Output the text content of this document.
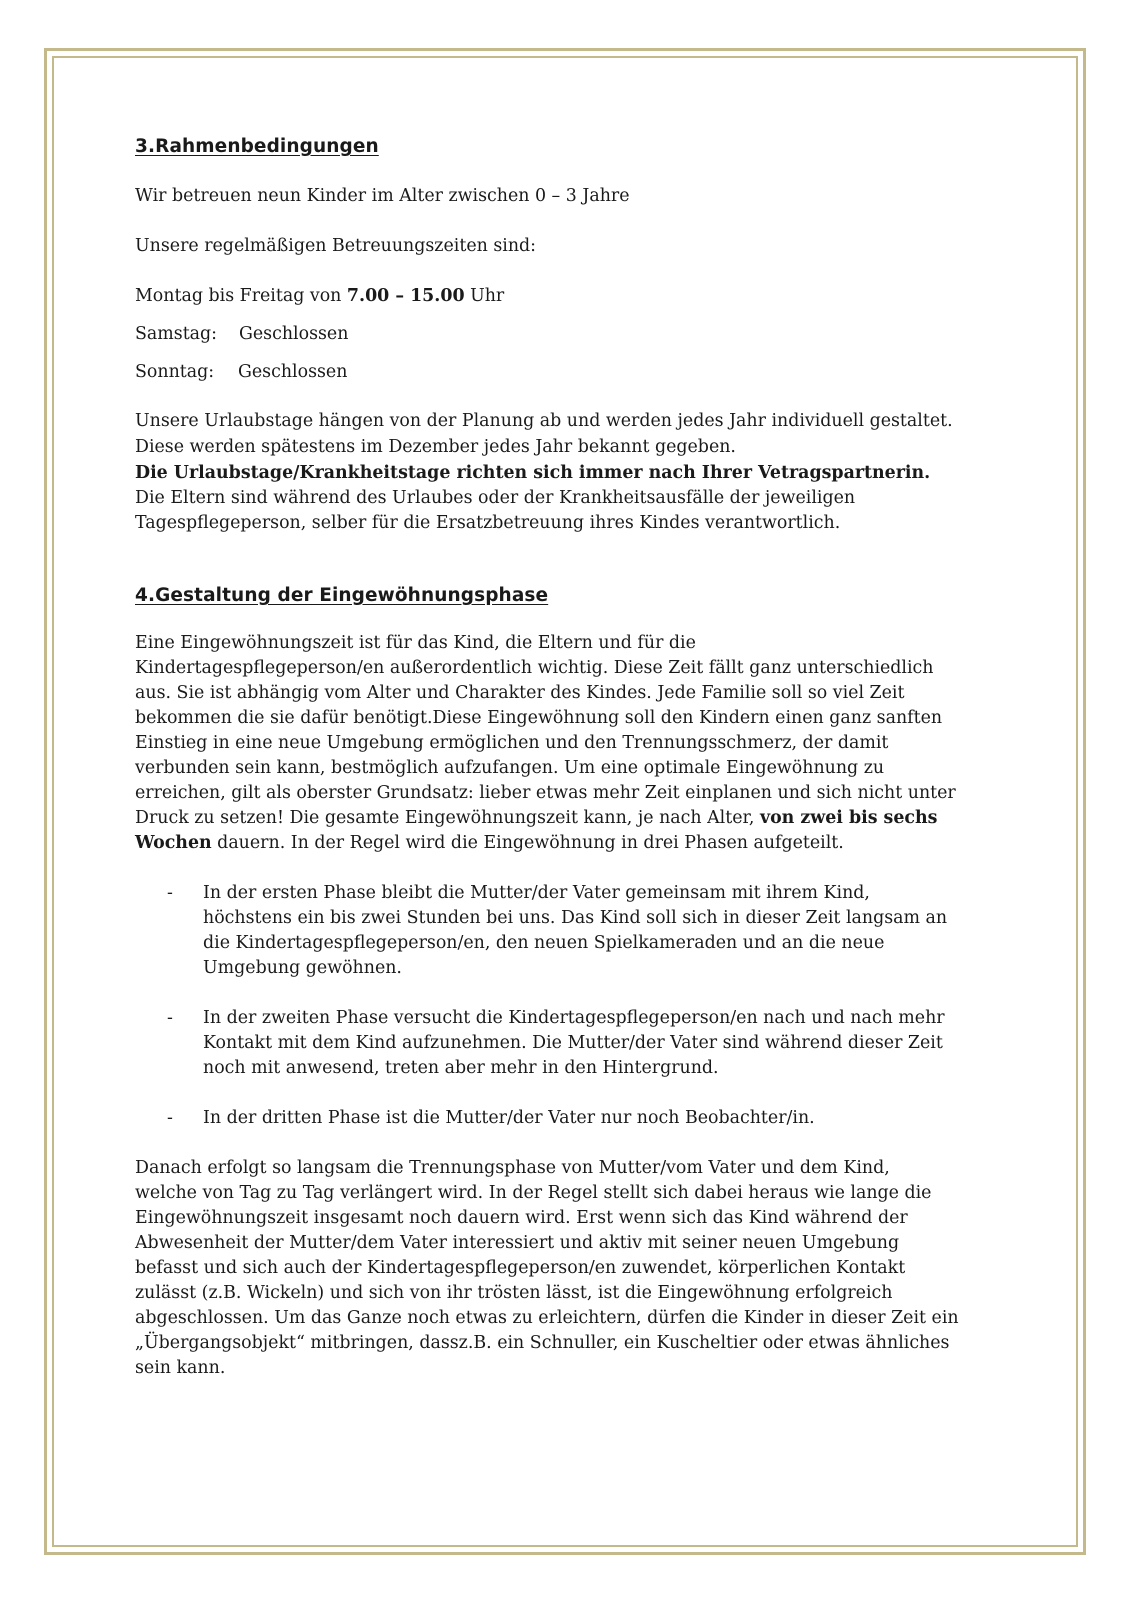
3.Rahmenbedingungen

Wir betreuen neun Kinder im Alter zwischen 0 – 3 Jahre

Unsere regelmäßigen Betreuungszeiten sind:

Montag bis Freitag von 7.00 – 15.00 Uhr

Samstag:	Geschlossen
Sonntag:	Geschlossen

Unsere Urlaubstage hängen von der Planung ab und werden jedes Jahr individuell gestaltet.

Diese werden spätestens im Dezember jedes Jahr bekannt gegeben.

Die Urlaubstage/Krankheitstage richten sich immer nach Ihrer Vetragspartnerin.

Die Eltern sind während des Urlaubes oder der Krankheitsausfälle der jeweiligen

Tagespflegeperson, selber für die Ersatzbetreuung ihres Kindes verantwortlich.

4.Gestaltung der Eingewöhnungsphase

Eine Eingewöhnungszeit ist für das Kind, die Eltern und für die

Kindertagespflegeperson/en außerordentlich wichtig. Diese Zeit fällt ganz unterschiedlich

aus. Sie ist abhängig vom Alter und Charakter des Kindes. Jede Familie soll so viel Zeit

bekommen die sie dafür benötigt.Diese Eingewöhnung soll den Kindern einen ganz sanften

Einstieg in eine neue Umgebung ermöglichen und den Trennungsschmerz, der damit

verbunden sein kann, bestmöglich aufzufangen. Um eine optimale Eingewöhnung zu

erreichen, gilt als oberster Grundsatz: lieber etwas mehr Zeit einplanen und sich nicht unter

Druck zu setzen! Die gesamte Eingewöhnungszeit kann, je nach Alter, von zwei bis sechs

Wochen dauern. In der Regel wird die Eingewöhnung in drei Phasen aufgeteilt.

- In der ersten Phase bleibt die Mutter/der Vater gemeinsam mit ihrem Kind,
höchstens ein bis zwei Stunden bei uns. Das Kind soll sich in dieser Zeit langsam an
die Kindertagespflegeperson/en, den neuen Spielkameraden und an die neue
Umgebung gewöhnen.
- In der zweiten Phase versucht die Kindertagespflegeperson/en nach und nach mehr
Kontakt mit dem Kind aufzunehmen. Die Mutter/der Vater sind während dieser Zeit
noch mit anwesend, treten aber mehr in den Hintergrund.
- In der dritten Phase ist die Mutter/der Vater nur noch Beobachter/in.

Danach erfolgt so langsam die Trennungsphase von Mutter/vom Vater und dem Kind,

welche von Tag zu Tag verlängert wird. In der Regel stellt sich dabei heraus wie lange die

Eingewöhnungszeit insgesamt noch dauern wird. Erst wenn sich das Kind während der

Abwesenheit der Mutter/dem Vater interessiert und aktiv mit seiner neuen Umgebung

befasst und sich auch der Kindertagespflegeperson/en zuwendet, körperlichen Kontakt

zulässt (z.B. Wickeln) und sich von ihr trösten lässt, ist die Eingewöhnung erfolgreich

abgeschlossen. Um das Ganze noch etwas zu erleichtern, dürfen die Kinder in dieser Zeit ein

„Übergangsobjekt“ mitbringen, dassz.B. ein Schnuller, ein Kuscheltier oder etwas ähnliches

sein kann.
